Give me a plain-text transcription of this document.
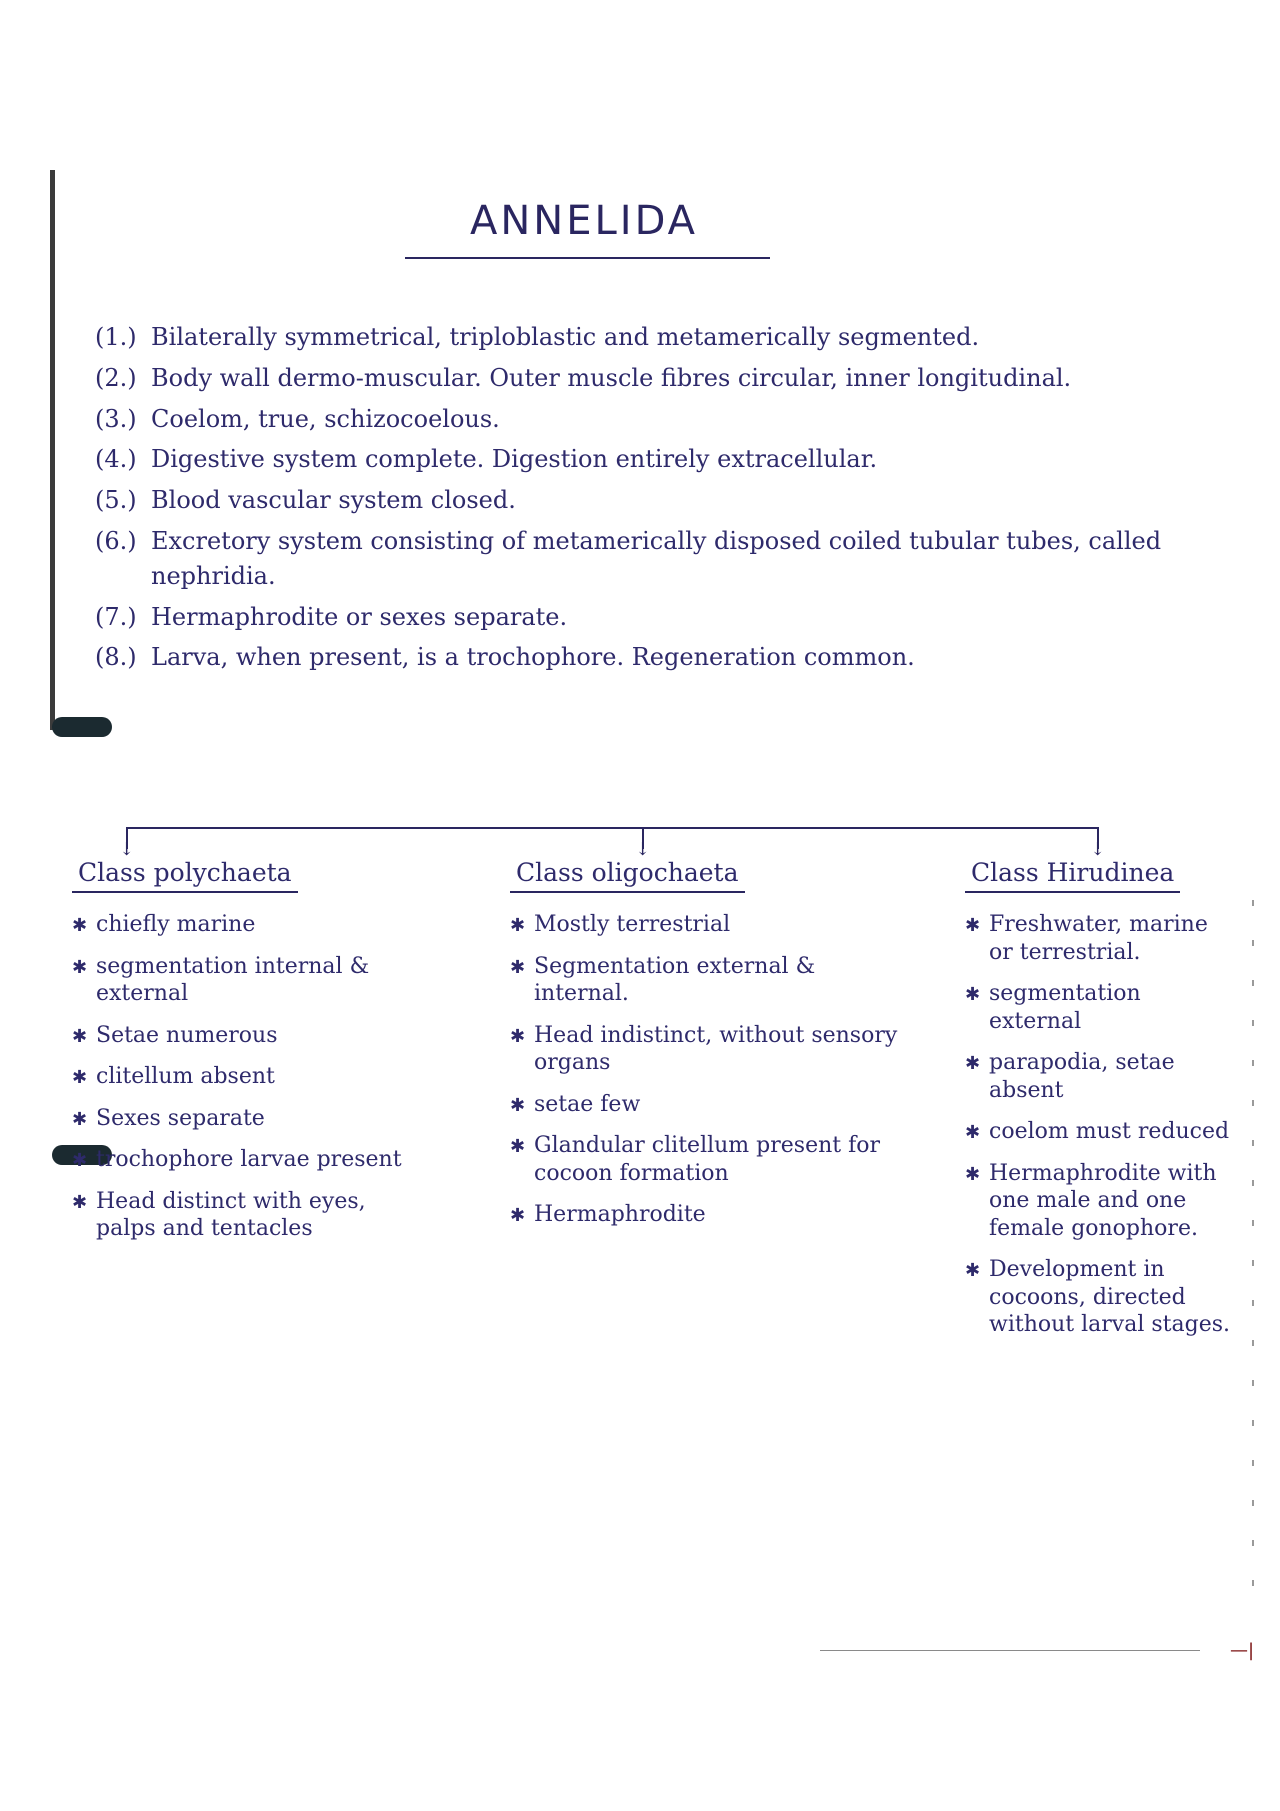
ANNELIDA
(1.) Bilaterally symmetrical, triploblastic and metamerically segmented.
(2.) Body wall dermo-muscular. Outer muscle fibres circular, inner longitudinal.
(3.) Coelom, true, schizocoelous.
(4.) Digestive system complete. Digestion entirely extracellular.
(5.) Blood vascular system closed.
(6.) Excretory system consisting of metamerically disposed coiled tubular tubes, called nephridia.
(7.) Hermaphrodite or sexes separate.
(8.) Larva, when present, is a trochophore. Regeneration common.
↓	↓	↓
Class polychaeta
✱ chiefly marine
✱ segmentation internal & external
✱ Setae numerous
✱ clitellum absent
✱ Sexes separate
✱ trochophore larvae present
✱ Head distinct with eyes, palps and tentacles
Class oligochaeta
✱ Mostly terrestrial
✱ Segmentation external & internal.
✱ Head indistinct, without sensory organs
✱ setae few
✱ Glandular clitellum present for cocoon formation
✱ Hermaphrodite
Class Hirudinea
✱ Freshwater, marine or terrestrial.
✱ segmentation external
✱ parapodia, setae absent
✱ coelom must reduced
✱ Hermaphrodite with one male and one female gonophore.
✱ Development in cocoons, directed without larval stages.
—|
